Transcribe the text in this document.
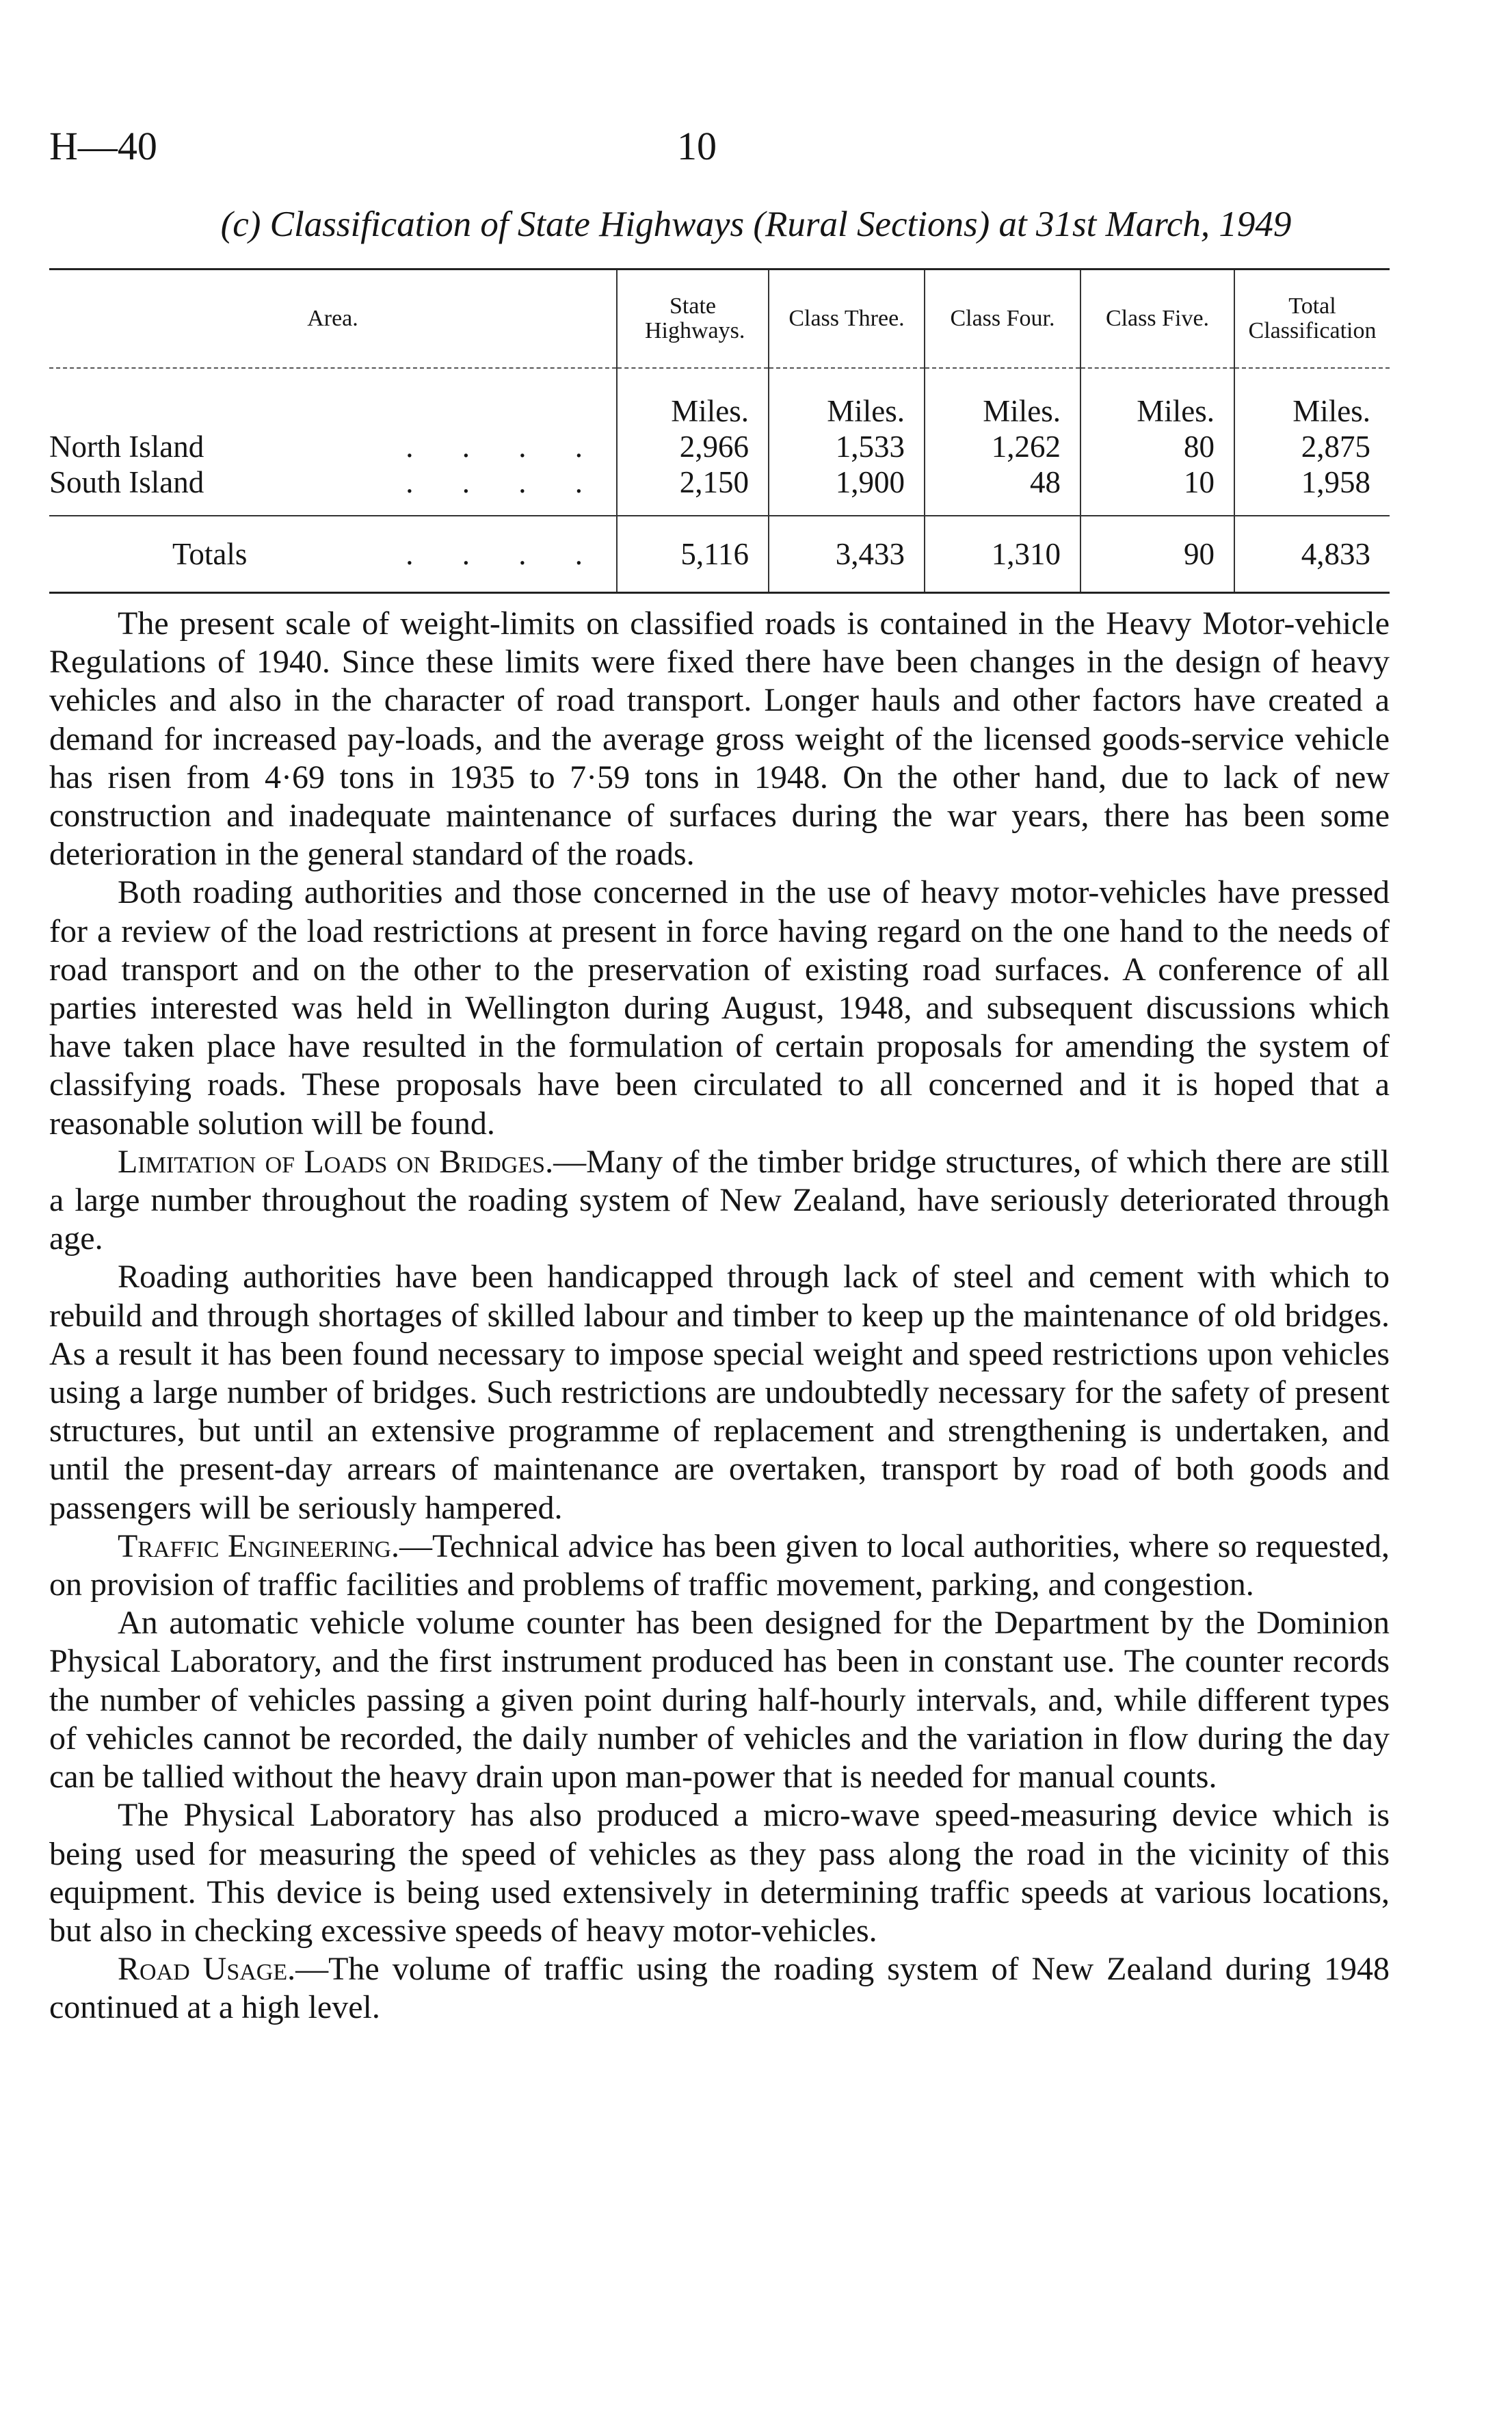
H—40	10
(c) Classification of State Highways (Rural Sections) at 31st March, 1949
Area.	State Highways.	Class Three.	Class Four.	Class Five.	Total Classification
	Miles.	Miles.	Miles.	Miles.	Miles.
North Island . . . .	2,966	1,533	1,262	80	2,875
South Island . . . .	2,150	1,900	48	10	1,958
Totals . . . .	5,116	3,433	1,310	90	4,833

The present scale of weight-limits on classified roads is contained in the Heavy Motor-vehicle Regulations of 1940. Since these limits were fixed there have been changes in the design of heavy vehicles and also in the character of road transport. Longer hauls and other factors have created a demand for increased pay-loads, and the average gross weight of the licensed goods-service vehicle has risen from 4·69 tons in 1935 to 7·59 tons in 1948. On the other hand, due to lack of new construction and inadequate maintenance of surfaces during the war years, there has been some deterioration in the general standard of the roads.

Both roading authorities and those concerned in the use of heavy motor-vehicles have pressed for a review of the load restrictions at present in force having regard on the one hand to the needs of road transport and on the other to the preservation of existing road surfaces. A conference of all parties interested was held in Wellington during August, 1948, and subsequent discussions which have taken place have resulted in the formulation of certain proposals for amending the system of classifying roads. These proposals have been circulated to all concerned and it is hoped that a reasonable solution will be found.

Limitation of Loads on Bridges.—Many of the timber bridge structures, of which there are still a large number throughout the roading system of New Zealand, have seriously deteriorated through age.

Roading authorities have been handicapped through lack of steel and cement with which to rebuild and through shortages of skilled labour and timber to keep up the maintenance of old bridges. As a result it has been found necessary to impose special weight and speed restrictions upon vehicles using a large number of bridges. Such restrictions are undoubtedly necessary for the safety of present structures, but until an extensive programme of replacement and strengthening is undertaken, and until the present-day arrears of maintenance are overtaken, transport by road of both goods and passengers will be seriously hampered.

Traffic Engineering.—Technical advice has been given to local authorities, where so requested, on provision of traffic facilities and problems of traffic movement, parking, and congestion.

An automatic vehicle volume counter has been designed for the Department by the Dominion Physical Laboratory, and the first instrument produced has been in constant use. The counter records the number of vehicles passing a given point during half-hourly intervals, and, while different types of vehicles cannot be recorded, the daily number of vehicles and the variation in flow during the day can be tallied without the heavy drain upon man-power that is needed for manual counts.

The Physical Laboratory has also produced a micro-wave speed-measuring device which is being used for measuring the speed of vehicles as they pass along the road in the vicinity of this equipment. This device is being used extensively in determining traffic speeds at various locations, but also in checking excessive speeds of heavy motor-vehicles.

Road Usage.—The volume of traffic using the roading system of New Zealand during 1948 continued at a high level.
